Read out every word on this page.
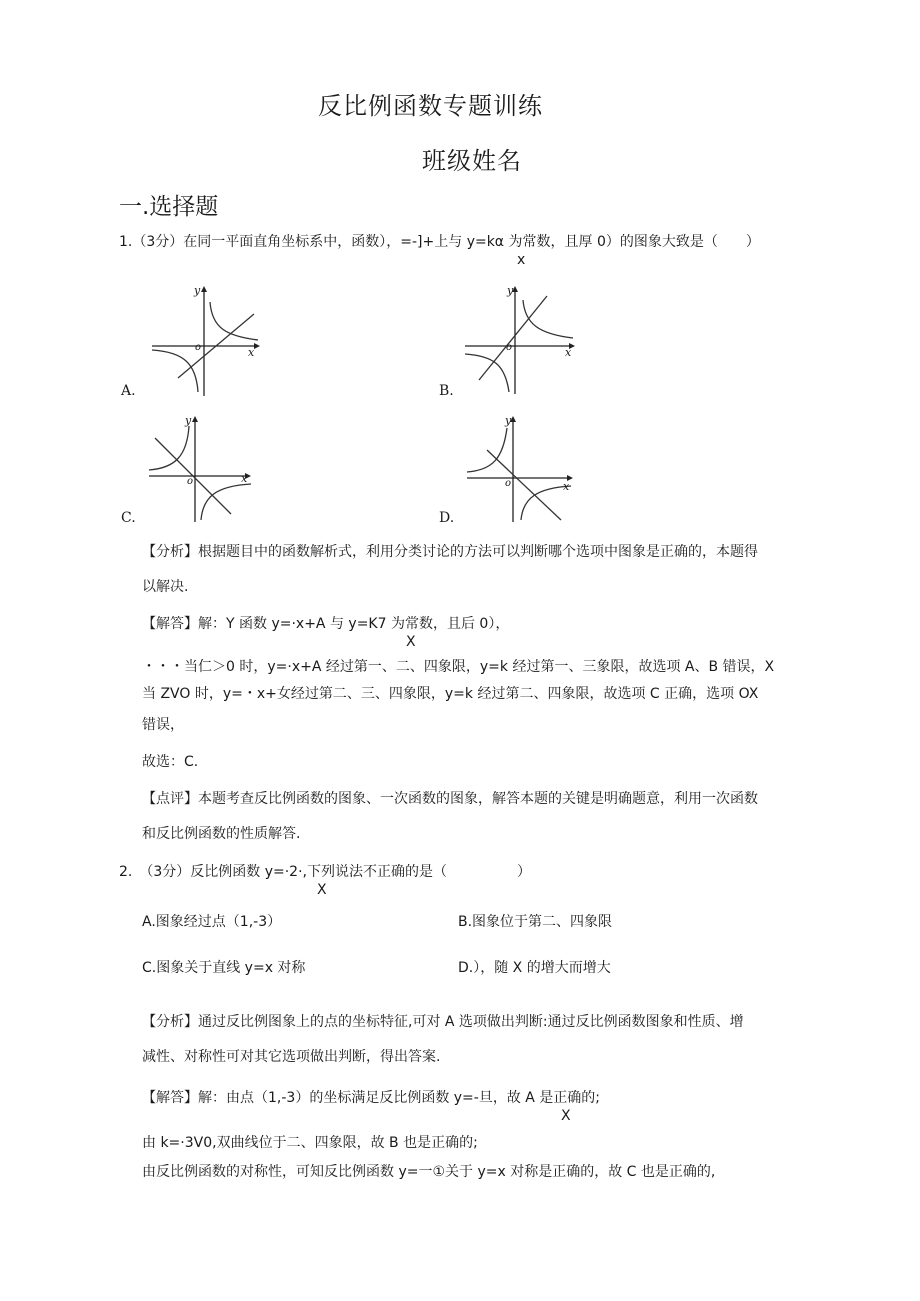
反比例函数专题训练
班级姓名
一.选择题
1.（3分）在同一平面直角坐标系中，函数），=-]+上与 y=kα 为常数，且厚 0）的图象大致是（　　）
x
y
x
o
A.
y
x
o
B.
y
x
o
C.
y
x
o
D.
【分析】根据题目中的函数解析式，利用分类讨论的方法可以判断哪个选项中图象是正确的，本题得
以解决.
【解答】解：Y 函数 y=·x+A 与 y=K7 为常数，且后 0），
X
・・・当仁＞0 时，y=·x+A 经过第一、二、四象限，y=k 经过第一、三象限，故选项 A、B 错误，X
当 ZVO 时，y=・x+女经过第二、三、四象限，y=k 经过第二、四象限，故选项 C 正确，选项 OX
错误，
故选：C.
【点评】本题考查反比例函数的图象、一次函数的图象，解答本题的关键是明确题意，利用一次函数
和反比例函数的性质解答.
2.　（3分）反比例函数 y=·2·,下列说法不正确的是（　　　　　）
X
A.图象经过点（1,-3）	B.图象位于第二、四象限
C.图象关于直线 y=x 对称	D.），随 X 的增大而增大
【分析】通过反比例图象上的点的坐标特征,可对 A 选项做出判断:通过反比例函数图象和性质、增
减性、对称性可对其它选项做出判断，得出答案.
【解答】解：由点（1,-3）的坐标满足反比例函数 y=-旦，故 A 是正确的;
X
由 k=·3V0,双曲线位于二、四象限，故 B 也是正确的;
由反比例函数的对称性，可知反比例函数 y=一①关于 y=x 对称是正确的，故 C 也是正确的,
